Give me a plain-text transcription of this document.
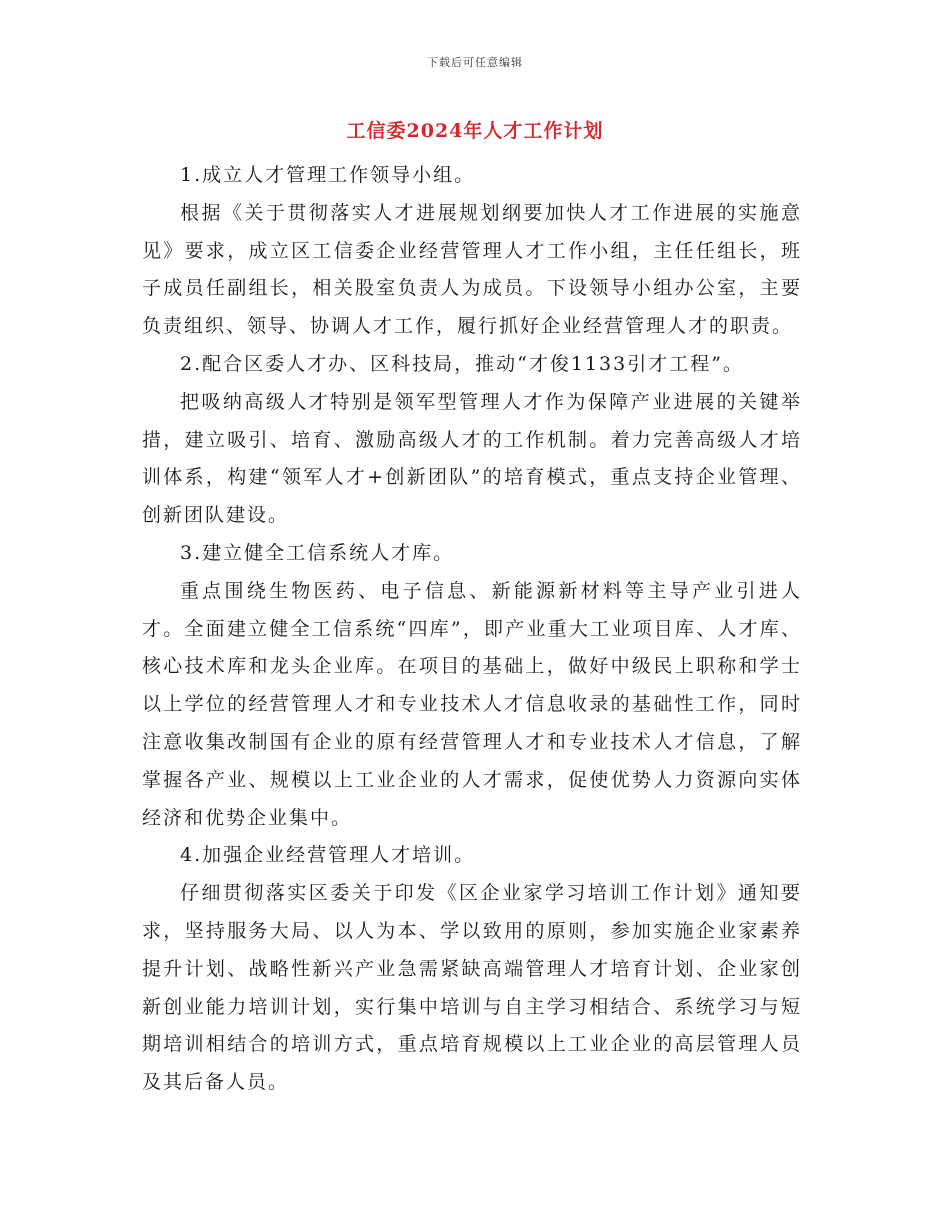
下载后可任意编辑
工信委2024年人才工作计划

1.成立人才管理工作领导小组。

根据《关于贯彻落实人才进展规划纲要加快人才工作进展的实施意见》要求，成立区工信委企业经营管理人才工作小组，主任任组长，班子成员任副组长，相关股室负责人为成员。下设领导小组办公室，主要负责组织、领导、协调人才工作，履行抓好企业经营管理人才的职责。

2.配合区委人才办、区科技局，推动“才俊1133引才工程”。

把吸纳高级人才特别是领军型管理人才作为保障产业进展的关键举措，建立吸引、培育、激励高级人才的工作机制。着力完善高级人才培训体系，构建“领军人才+创新团队”的培育模式，重点支持企业管理、创新团队建设。

3.建立健全工信系统人才库。

重点围绕生物医药、电子信息、新能源新材料等主导产业引进人才。全面建立健全工信系统“四库”，即产业重大工业项目库、人才库、核心技术库和龙头企业库。在项目的基础上，做好中级民上职称和学士以上学位的经营管理人才和专业技术人才信息收录的基础性工作，同时注意收集改制国有企业的原有经营管理人才和专业技术人才信息，了解掌握各产业、规模以上工业企业的人才需求，促使优势人力资源向实体经济和优势企业集中。

4.加强企业经营管理人才培训。

仔细贯彻落实区委关于印发《区企业家学习培训工作计划》通知要求，坚持服务大局、以人为本、学以致用的原则，参加实施企业家素养提升计划、战略性新兴产业急需紧缺高端管理人才培育计划、企业家创新创业能力培训计划，实行集中培训与自主学习相结合、系统学习与短期培训相结合的培训方式，重点培育规模以上工业企业的高层管理人员及其后备人员。
